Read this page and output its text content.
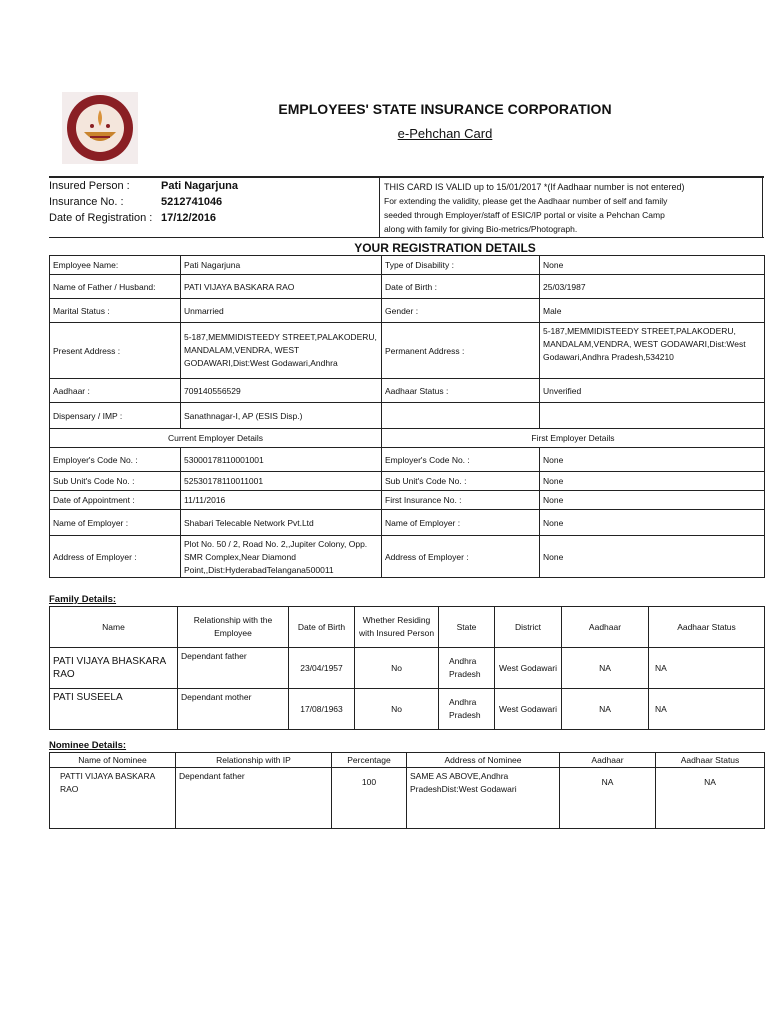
EMPLOYEES' STATE INSURANCE CORPORATION
e-Pehchan Card
Insured Person :	Pati Nagarjuna
Insurance No. :	5212741046
Date of Registration : 17/12/2016
THIS CARD IS VALID up to 15/01/2017 *(If Aadhaar number is not entered)
For extending the validity, please get the Aadhaar number of self and family
seeded through Employer/staff of ESIC/IP portal or visite a Pehchan Camp
along with family for giving Bio-metrics/Photograph.
YOUR REGISTRATION DETAILS
Employee Name:	Pati Nagarjuna	Type of Disability :	None
Name of Father / Husband:	PATI VIJAYA BASKARA RAO	Date of Birth :	25/03/1987
Marital Status :	Unmarried	Gender :	Male
Present Address :	5-187,MEMMIDISTEEDY STREET,PALAKODERU, MANDALAM,VENDRA, WEST GODAWARI,Dist:West Godawari,Andhra	Permanent Address :	5-187,MEMMIDISTEEDY STREET,PALAKODERU, MANDALAM,VENDRA, WEST GODAWARI,Dist:West Godawari,Andhra Pradesh,534210
Aadhaar :	709140556529	Aadhaar Status :	Unverified
Dispensary / IMP :	Sanathnagar-I, AP (ESIS Disp.)		
Current Employer Details		First Employer Details	
Employer's Code No. :	53000178110001001	Employer's Code No. :	None
Sub Unit's Code No. :	52530178110011001	Sub Unit's Code No. :	None
Date of Appointment :	11/11/2016	First Insurance No. :	None
Name of Employer :	Shabari Telecable Network Pvt.Ltd	Name of Employer :	None
Address of Employer :	Plot No. 50 / 2, Road No. 2,,Jupiter Colony, Opp. SMR Complex,Near Diamond Point,,Dist:HyderabadTelangana500011	Address of Employer :	None
Family Details:
Name	Relationship with the Employee	Date of Birth	Whether Residing with Insured Person	State	District	Aadhaar	Aadhaar Status
PATI VIJAYA BHASKARA RAO	Dependant father	23/04/1957	No	Andhra Pradesh	West Godawari	NA	NA
PATI SUSEELA	Dependant mother	17/08/1963	No	Andhra Pradesh	West Godawari	NA	NA
Nominee Details:
Name of Nominee	Relationship with IP	Percentage	Address of Nominee	Aadhaar	Aadhaar Status
PATTI VIJAYA BASKARA RAO	Dependant father	100	SAME AS ABOVE,Andhra PradeshDist:West Godawari	NA	NA
